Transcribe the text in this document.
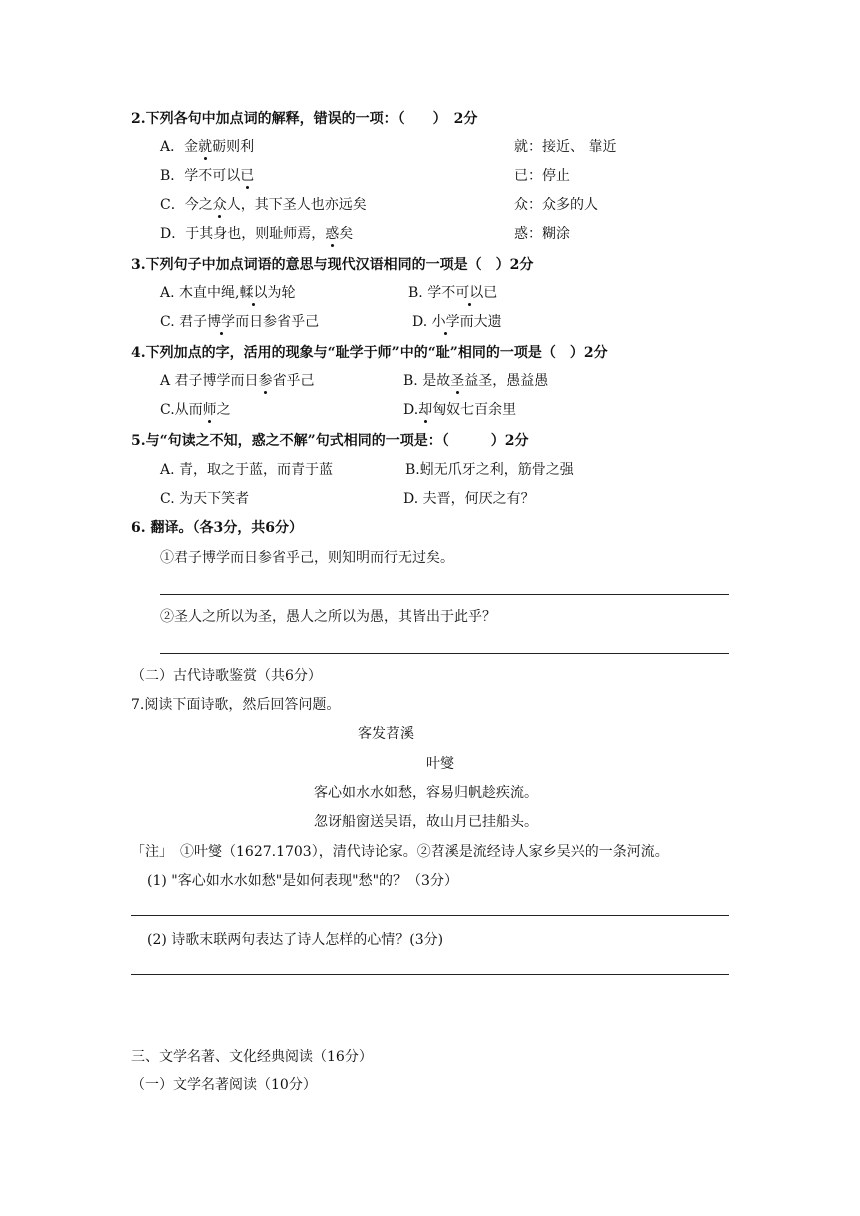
2.下列各句中加点词的解释，错误的一项：（　　）　2分
A．金就砺则利	就：接近、 靠近
B．学不可以已	已：停止
C．今之众人，其下圣人也亦远矣	众：众多的人
D．于其身也，则耻师焉，惑矣	惑：糊涂
3.下列句子中加点词语的意思与现代汉语相同的一项是（　）2分
A. 木直中绳,輮以为轮	B. 学不可以已
C. 君子博学而日参省乎己	D. 小学而大遗
4.下列加点的字，活用的现象与“耻学于师”中的“耻”相同的一项是（　）2分
A 君子博学而日参省乎己	B. 是故圣益圣，愚益愚
C.从而师之	D.却匈奴七百余里
5.与“句读之不知，惑之不解”句式相同的一项是：（　　　）2分
A. 青，取之于蓝，而青于蓝	B.蚓无爪牙之利，筋骨之强
C. 为天下笑者	D. 夫晋，何厌之有？
6. 翻译。（各3分，共6分）
①君子博学而日参省乎己，则知明而行无过矣。
②圣人之所以为圣，愚人之所以为愚，其皆出于此乎？
（二）古代诗歌鉴赏（共6分）
7.阅读下面诗歌，然后回答问题。
客发苕溪
叶燮
客心如水水如愁，容易归帆趁疾流。
忽讶船窗送吴语，故山月已挂船头。
「注」　①叶燮（1627.1703），清代诗论家。②苕溪是流经诗人家乡吴兴的一条河流。
(1) "客心如水水如愁"是如何表现"愁"的？（3分）
(2) 诗歌末联两句表达了诗人怎样的心情？(3分)
三、文学名著、文化经典阅读（16分）
（一）文学名著阅读（10分）
